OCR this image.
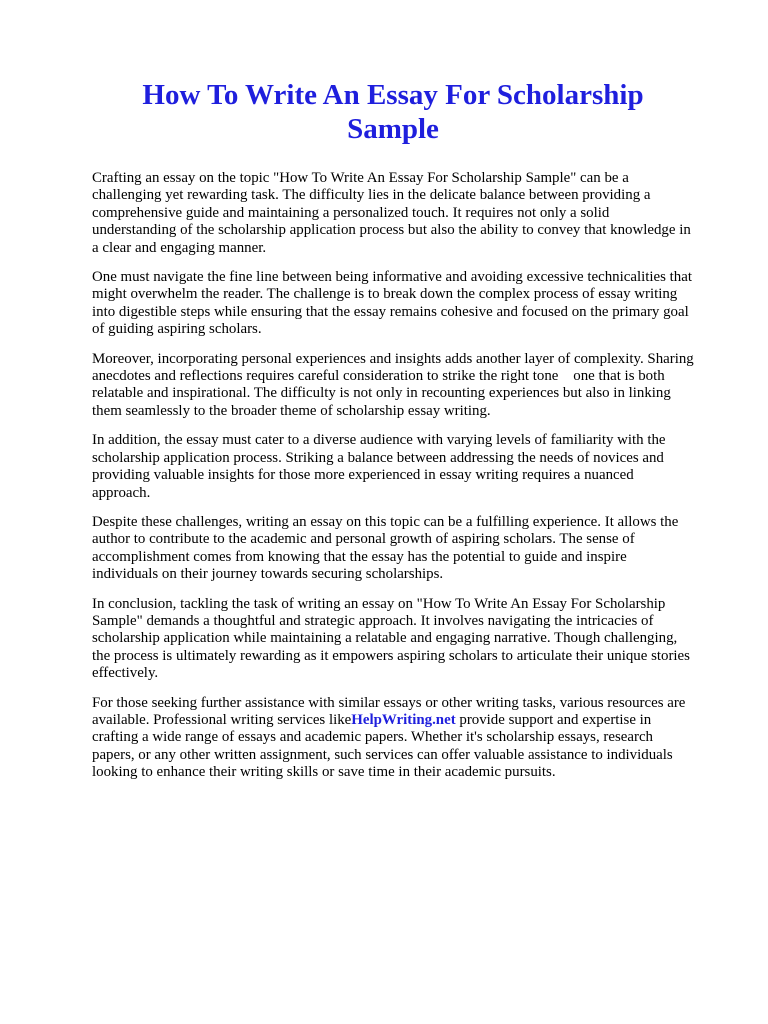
How To Write An Essay For Scholarship Sample

Crafting an essay on the topic "How To Write An Essay For Scholarship Sample" can be a challenging yet rewarding task. The difficulty lies in the delicate balance between providing a comprehensive guide and maintaining a personalized touch. It requires not only a solid understanding of the scholarship application process but also the ability to convey that knowledge in a clear and engaging manner.

One must navigate the fine line between being informative and avoiding excessive technicalities that might overwhelm the reader. The challenge is to break down the complex process of essay writing into digestible steps while ensuring that the essay remains cohesive and focused on the primary goal of guiding aspiring scholars.

Moreover, incorporating personal experiences and insights adds another layer of complexity. Sharing anecdotes and reflections requires careful consideration to strike the right tone    one that is both relatable and inspirational. The difficulty is not only in recounting experiences but also in linking them seamlessly to the broader theme of scholarship essay writing.

In addition, the essay must cater to a diverse audience with varying levels of familiarity with the scholarship application process. Striking a balance between addressing the needs of novices and providing valuable insights for those more experienced in essay writing requires a nuanced approach.

Despite these challenges, writing an essay on this topic can be a fulfilling experience. It allows the author to contribute to the academic and personal growth of aspiring scholars. The sense of accomplishment comes from knowing that the essay has the potential to guide and inspire individuals on their journey towards securing scholarships.

In conclusion, tackling the task of writing an essay on "How To Write An Essay For Scholarship Sample" demands a thoughtful and strategic approach. It involves navigating the intricacies of scholarship application while maintaining a relatable and engaging narrative. Though challenging, the process is ultimately rewarding as it empowers aspiring scholars to articulate their unique stories effectively.

For those seeking further assistance with similar essays or other writing tasks, various resources are available. Professional writing services likeHelpWriting.net provide support and expertise in crafting a wide range of essays and academic papers. Whether it's scholarship essays, research papers, or any other written assignment, such services can offer valuable assistance to individuals looking to enhance their writing skills or save time in their academic pursuits.
